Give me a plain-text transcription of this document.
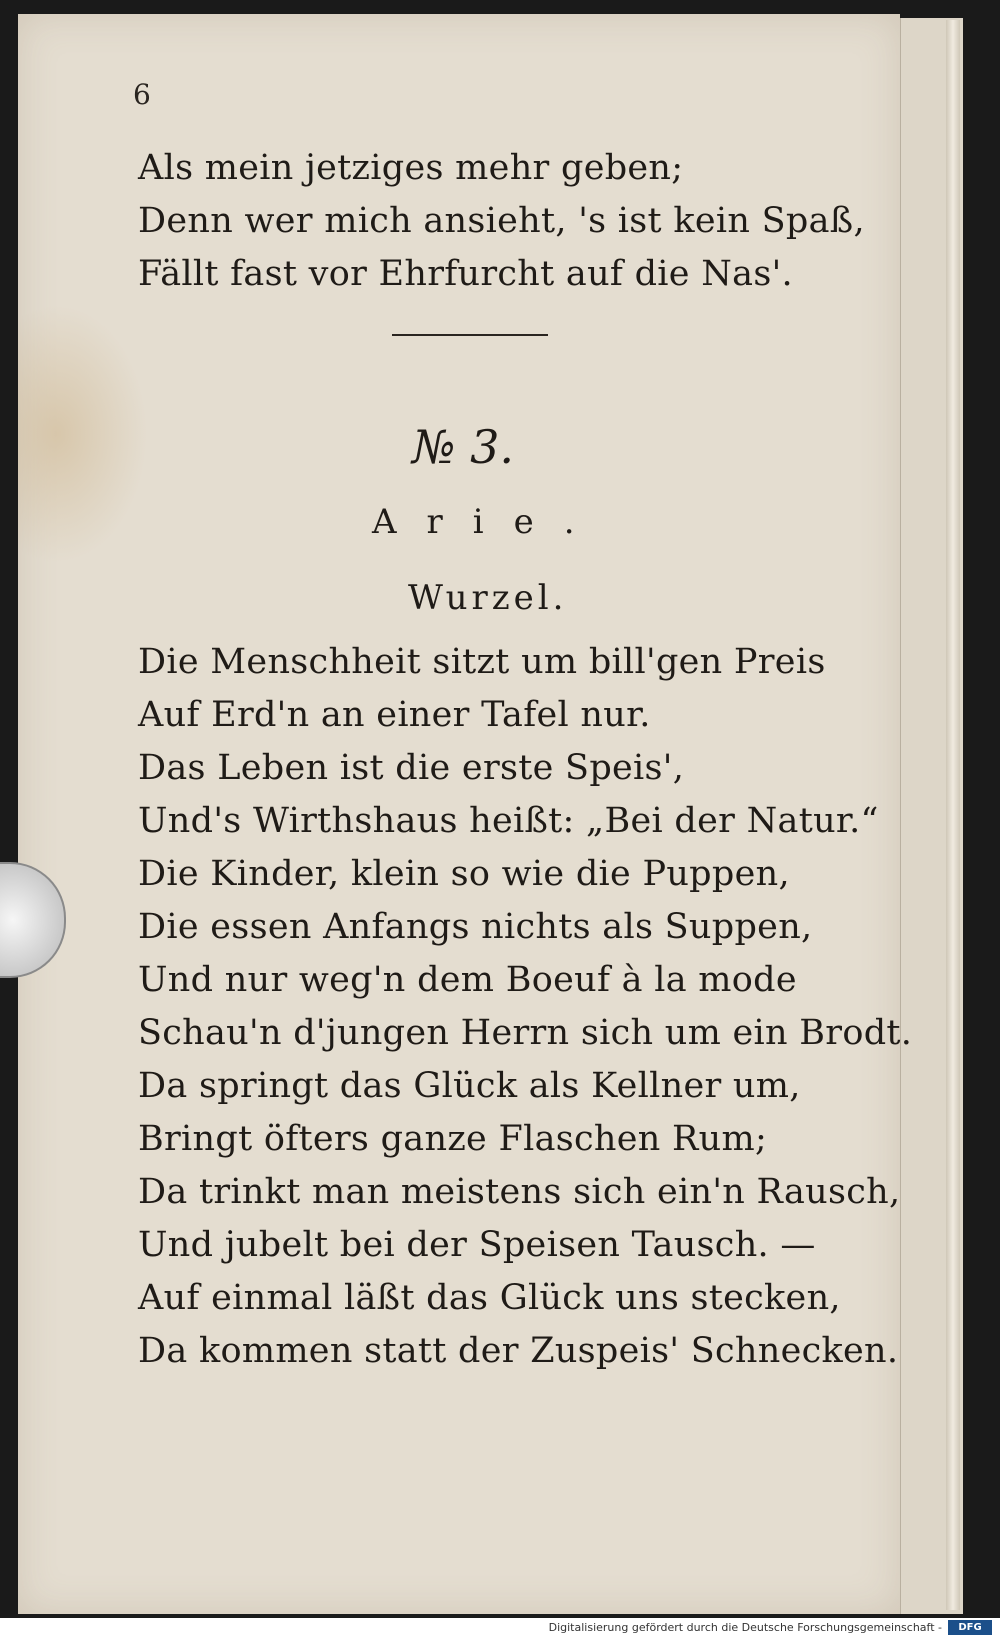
6
Als mein jetziges mehr geben;
Denn wer mich ansieht, 's ist kein Spaß,
Fällt fast vor Ehrfurcht auf die Nas'.
№ 3.
Arie.
Wurzel.
Die Menschheit sitzt um bill'gen Preis
Auf Erd'n an einer Tafel nur.
Das Leben ist die erste Speis',
Und's Wirthshaus heißt: „Bei der Natur.“
Die Kinder, klein so wie die Puppen,
Die essen Anfangs nichts als Suppen,
Und nur weg'n dem Boeuf à la mode
Schau'n d'jungen Herrn sich um ein Brodt.
Da springt das Glück als Kellner um,
Bringt öfters ganze Flaschen Rum;
Da trinkt man meistens sich ein'n Rausch,
Und jubelt bei der Speisen Tausch. —
Auf einmal läßt das Glück uns stecken,
Da kommen statt der Zuspeis' Schnecken.
Digitalisierung gefördert durch die Deutsche Forschungsgemeinschaft -	DFG
